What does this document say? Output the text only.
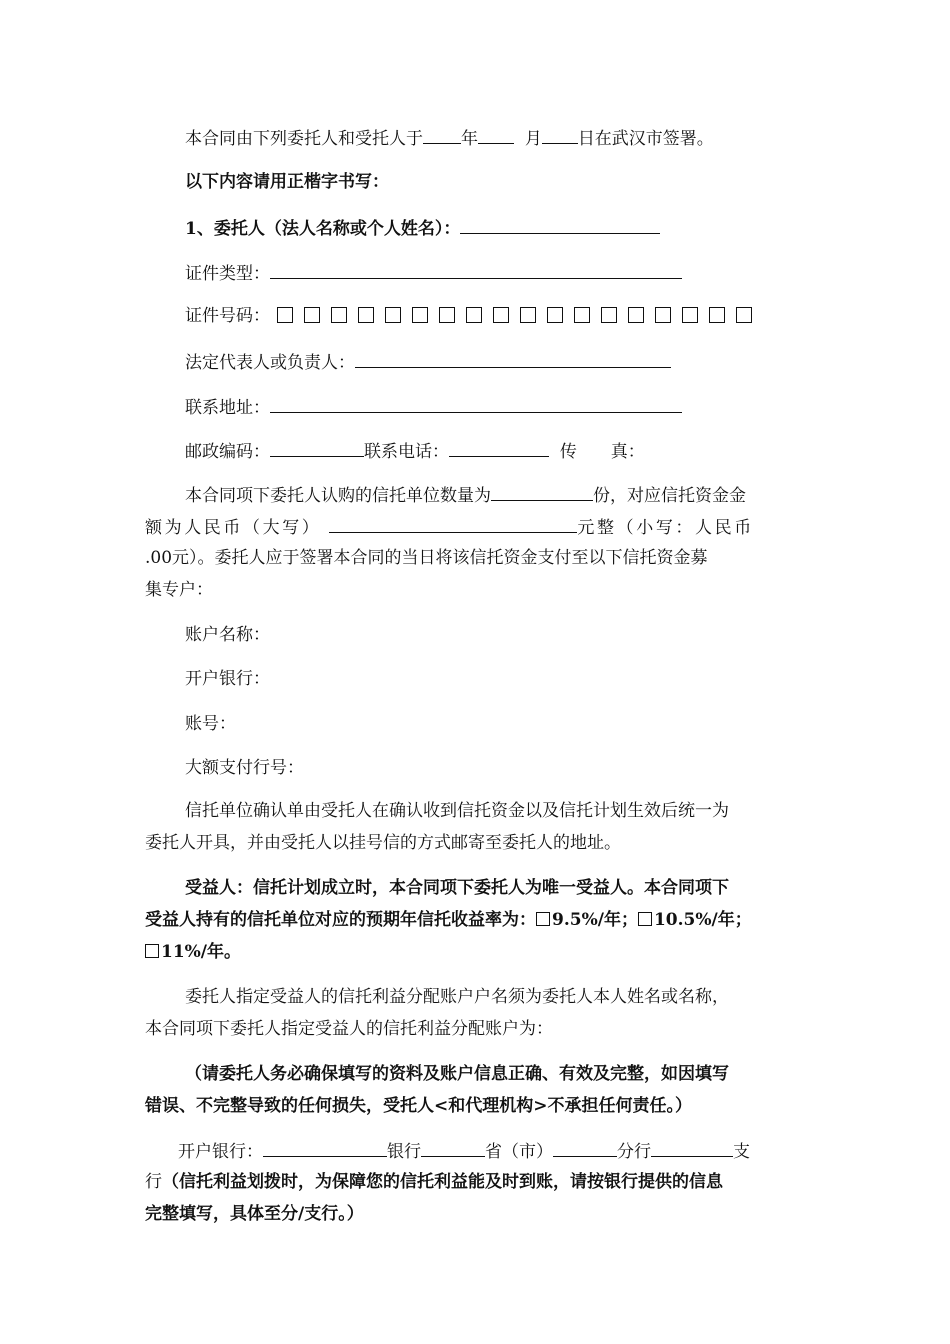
本合同由下列委托人和受托人于 年	月 日在武汉市签署。
以下内容请用正楷字书写：
1、委托人（法人名称或个人姓名）：
证件类型：
证件号码：
法定代表人或负责人：
联系地址：
邮政编码：	联系电话：	传　　真：
本合同项下委托人认购的信托单位数量为	份，对应信托资金金
额为人民币（大写）	元整（小写：人民币
.00元）。委托人应于签署本合同的当日将该信托资金支付至以下信托资金募
集专户：
账户名称：
开户银行：
账号：
大额支付行号：
信托单位确认单由受托人在确认收到信托资金以及信托计划生效后统一为
委托人开具，并由受托人以挂号信的方式邮寄至委托人的地址。
受益人：信托计划成立时，本合同项下委托人为唯一受益人。本合同项下
受益人持有的信托单位对应的预期年信托收益率为： 9.5%/年； 10.5%/年；
11%/年。
委托人指定受益人的信托利益分配账户户名须为委托人本人姓名或名称，
本合同项下委托人指定受益人的信托利益分配账户为：
（请委托人务必确保填写的资料及账户信息正确、有效及完整，如因填写
错误、不完整导致的任何损失，受托人<和代理机构>不承担任何责任。）
开户银行：	银行	省（市）	分行	支
行（信托利益划拨时，为保障您的信托利益能及时到账，请按银行提供的信息
完整填写，具体至分/支行。）
